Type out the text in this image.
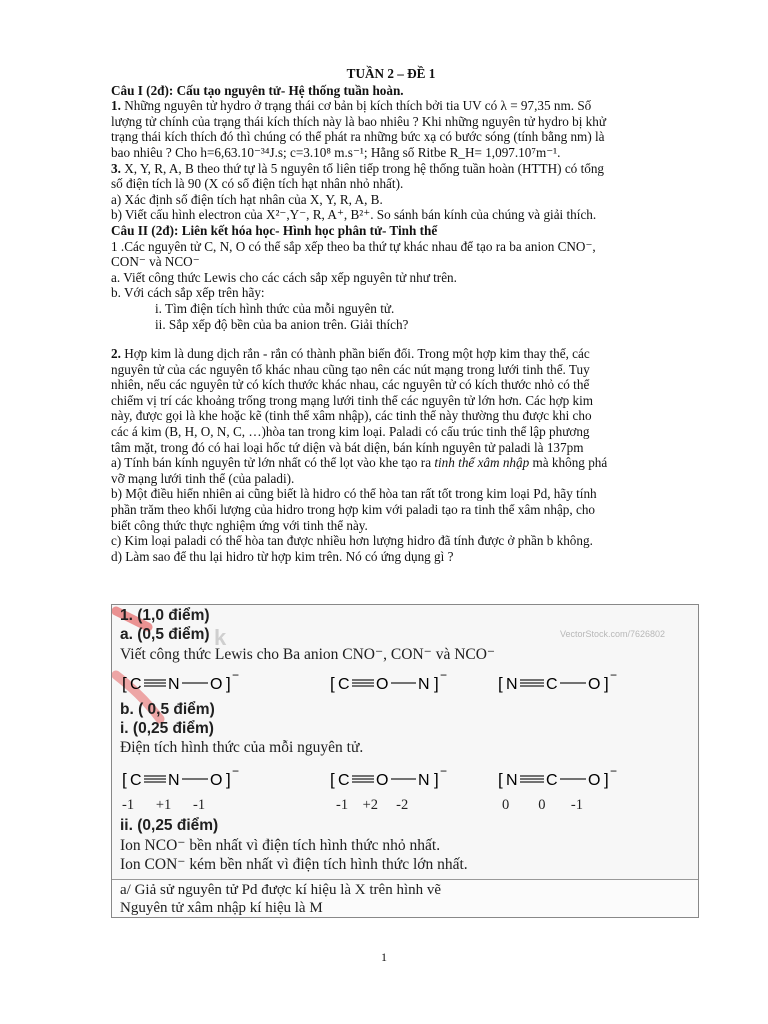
TUẦN 2 – ĐỀ 1
Câu I (2đ): Cấu tạo nguyên tử- Hệ thống tuần hoàn.
1. Những nguyên tử hydro ở trạng thái cơ bản bị kích thích bởi tia UV có λ = 97,35 nm. Số
lượng tử chính của trạng thái kích thích này là bao nhiêu ? Khi những nguyên tử hydro bị khử
trạng thái kích thích đó thì chúng có thể phát ra những bức xạ có bước sóng (tính bằng nm) là
bao nhiêu ? Cho h=6,63.10⁻³⁴J.s; c=3.10⁸ m.s⁻¹; Hằng số Ritbe R_H= 1,097.10⁷m⁻¹.
3. X, Y, R, A, B theo thứ tự là 5 nguyên tố liên tiếp trong hệ thống tuần hoàn (HTTH) có tổng
số điện tích là 90 (X có số điện tích hạt nhân nhỏ nhất).
a) Xác định số điện tích hạt nhân của X, Y, R, A, B.
b) Viết cấu hình electron của X²⁻,Y⁻, R, A⁺, B²⁺. So sánh bán kính của chúng và giải thích.
Câu II (2đ): Liên kết hóa học- Hình học phân tử- Tinh thể
1 .Các nguyên tử C, N, O có thể sắp xếp theo ba thứ tự khác nhau để tạo ra ba anion CNO⁻,
CON⁻ và NCO⁻
a. Viết công thức Lewis cho các cách sắp xếp nguyên tử như trên.
b. Với cách sắp xếp trên hãy:
i. Tìm điện tích hình thức của mỗi nguyên tử.
ii. Sắp xếp độ bền của ba anion trên. Giải thích?
2. Hợp kim là dung dịch rắn - rắn có thành phần biến đổi. Trong một hợp kim thay thế, các
nguyên tử của các nguyên tố khác nhau cũng tạo nên các nút mạng trong lưới tinh thể. Tuy
nhiên, nếu các nguyên tử có kích thước khác nhau, các nguyên tử có kích thước nhỏ có thể
chiếm vị trí các khoảng trống trong mạng lưới tinh thể các nguyên tử lớn hơn. Các hợp kim
này, được gọi là khe hoặc kẽ (tinh thể xâm nhập), các tinh thể này thường thu được khi cho
các á kim (B, H, O, N, C, …)hòa tan trong kim loại. Paladi có cấu trúc tinh thể lập phương
tâm mặt, trong đó có hai loại hốc tứ diện và bát diện, bán kính nguyên tử paladi là 137pm
a) Tính bán kính nguyên tử lớn nhất có thể lọt vào khe tạo ra tinh thể xâm nhập mà không phá
vỡ mạng lưới tinh thể (của paladi).
b) Một điều hiển nhiên ai cũng biết là hidro có thể hòa tan rất tốt trong kim loại Pd, hãy tính
phần trăm theo khối lượng của hidro trong hợp kim với paladi tạo ra tinh thể xâm nhập, cho
biết công thức thực nghiệm ứng với tinh thể này.
c) Kim loại paladi có thể hòa tan được nhiều hơn lượng hidro đã tính được ở phần b không.
d) Làm sao để thu lại hidro từ hợp kim trên. Nó có ứng dụng gì ?
k	VectorStock.com/7626802
1. (1,0 điểm)
a. (0,5 điểm)
Viết công thức Lewis cho Ba anion CNO⁻, CON⁻ và NCO⁻
[ C N O ] −	[ C O N ] −	[ N C O ] −
b. ( 0,5 điểm)
i. (0,25 điểm)
Điện tích hình thức của mỗi nguyên tử.
[ C N O ] −	[ C O N ] −	[ N C O ] −
-1      +1      -1	-1    +2     -2	0        0       -1
ii. (0,25 điểm)
Ion NCO⁻ bền nhất vì điện tích hình thức nhỏ nhất.
Ion CON⁻ kém bền nhất vì điện tích hình thức lớn nhất.
a/ Giả sử nguyên tử Pd được kí hiệu là X trên hình vẽ
Nguyên tử xâm nhập kí hiệu là M
1
